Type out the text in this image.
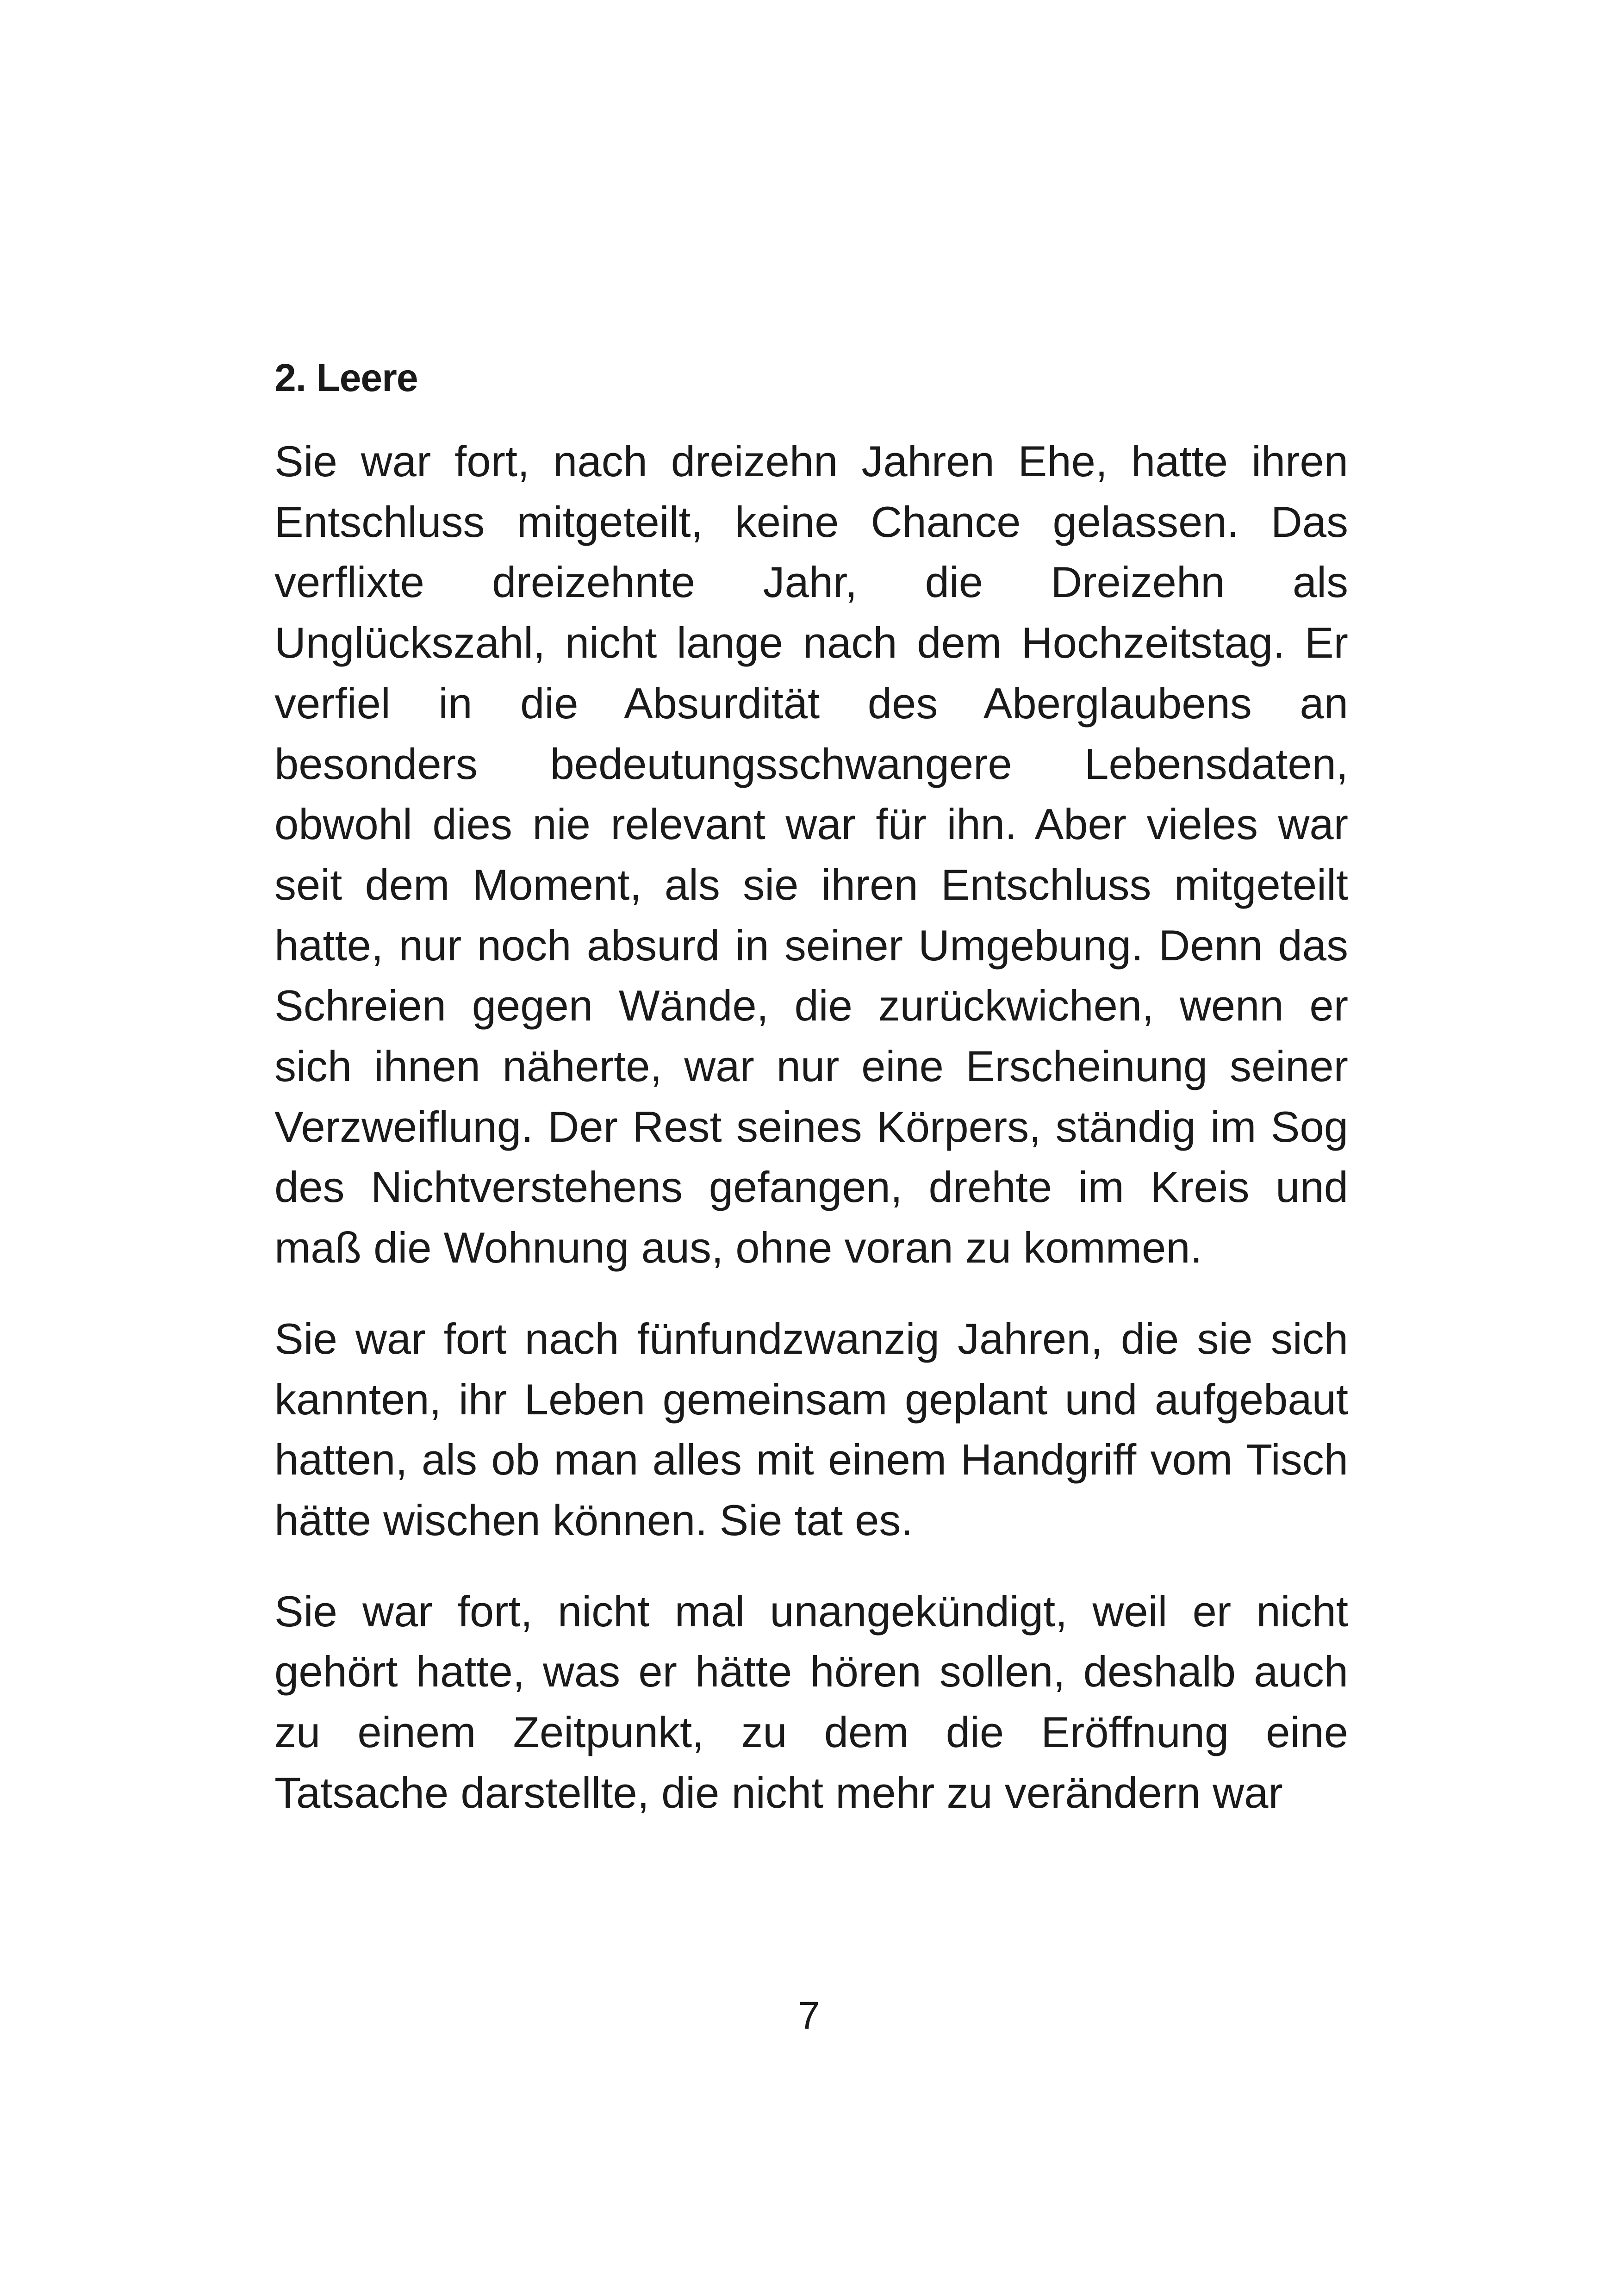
2. Leere

Sie war fort, nach dreizehn Jahren Ehe, hatte ihren Entschluss mitgeteilt, keine Chance gelassen. Das verflixte dreizehnte Jahr, die Dreizehn als Unglückszahl, nicht lange nach dem Hochzeitstag. Er verfiel in die Absurdität des Aberglaubens an besonders bedeutungsschwangere Lebensdaten, obwohl dies nie relevant war für ihn. Aber vieles war seit dem Moment, als sie ihren Entschluss mitgeteilt hatte, nur noch absurd in seiner Umgebung. Denn das Schreien gegen Wände, die zurückwichen, wenn er sich ihnen näherte, war nur eine Erscheinung seiner Verzweiflung. Der Rest seines Körpers, ständig im Sog des Nichtverstehens gefangen, drehte im Kreis und maß die Wohnung aus, ohne voran zu kommen.

Sie war fort nach fünfundzwanzig Jahren, die sie sich kannten, ihr Leben gemeinsam geplant und aufgebaut hatten, als ob man alles mit einem Handgriff vom Tisch hätte wischen können. Sie tat es.

Sie war fort, nicht mal unangekündigt, weil er nicht gehört hatte, was er hätte hören sollen, deshalb auch zu einem Zeitpunkt, zu dem die Eröffnung eine Tatsache darstellte, die nicht mehr zu verändern war

7
